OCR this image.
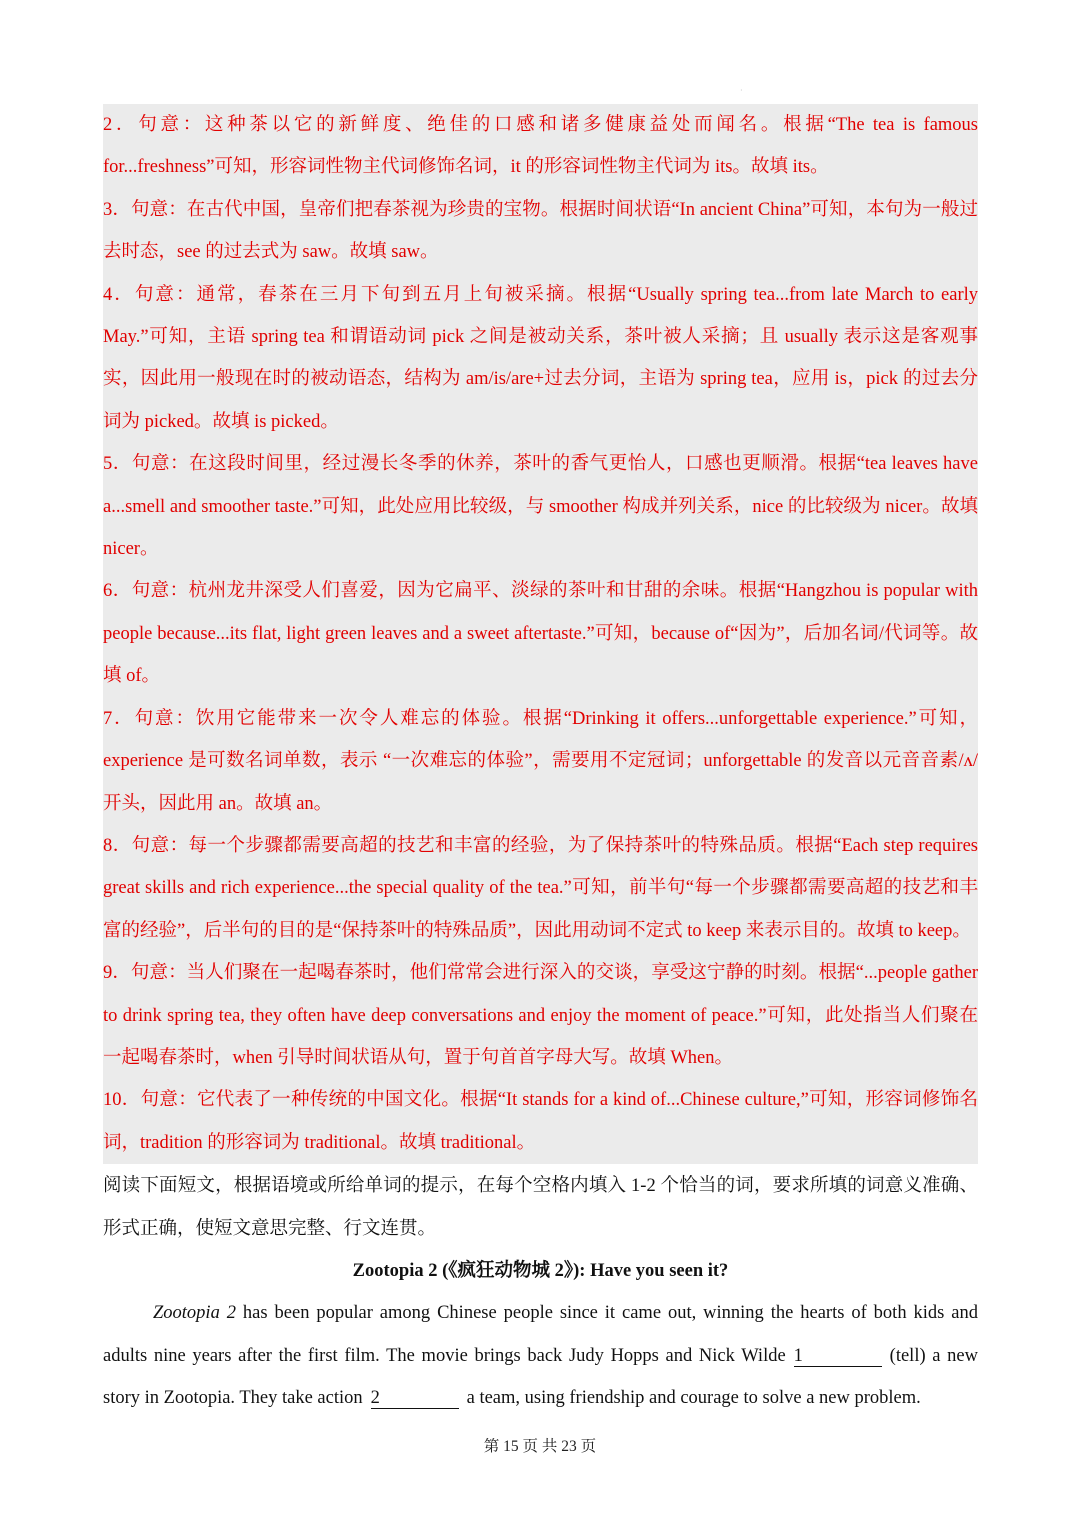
·

2．句意：这种茶以它的新鲜度、绝佳的口感和诸多健康益处而闻名。根据“The tea is famous for...freshness”可知，形容词性物主代词修饰名词，it 的形容词性物主代词为 its。故填 its。

3．句意：在古代中国，皇帝们把春茶视为珍贵的宝物。根据时间状语“In ancient China”可知，本句为一般过去时态，see 的过去式为 saw。故填 saw。

4．句意：通常，春茶在三月下旬到五月上旬被采摘。根据“Usually spring tea...from late March to early May.”可知，主语 spring tea 和谓语动词 pick 之间是被动关系，茶叶被人采摘；且 usually 表示这是客观事实，因此用一般现在时的被动语态，结构为 am/is/are+过去分词，主语为 spring tea，应用 is，pick 的过去分词为 picked。故填 is picked。

5．句意：在这段时间里，经过漫长冬季的休养，茶叶的香气更怡人，口感也更顺滑。根据“tea leaves have a...smell and smoother taste.”可知，此处应用比较级，与 smoother 构成并列关系，nice 的比较级为 nicer。故填 nicer。

6．句意：杭州龙井深受人们喜爱，因为它扁平、淡绿的茶叶和甘甜的余味。根据“Hangzhou is popular with people because...its flat, light green leaves and a sweet aftertaste.”可知，because of“因为”，后加名词/代词等。故填 of。

7．句意：饮用它能带来一次令人难忘的体验。根据“Drinking it offers...unforgettable experience.”可知，experience 是可数名词单数，表示 “一次难忘的体验”，需要用不定冠词；unforgettable 的发音以元音音素/ʌ/开头，因此用 an。故填 an。

8．句意：每一个步骤都需要高超的技艺和丰富的经验，为了保持茶叶的特殊品质。根据“Each step requires great skills and rich experience...the special quality of the tea.”可知，前半句“每一个步骤都需要高超的技艺和丰富的经验”，后半句的目的是“保持茶叶的特殊品质”，因此用动词不定式 to keep 来表示目的。故填 to keep。

9．句意：当人们聚在一起喝春茶时，他们常常会进行深入的交谈，享受这宁静的时刻。根据“...people gather to drink spring tea, they often have deep conversations and enjoy the moment of peace.”可知，此处指当人们聚在一起喝春茶时，when 引导时间状语从句，置于句首首字母大写。故填 When。

10．句意：它代表了一种传统的中国文化。根据“It stands for a kind of...Chinese culture,”可知，形容词修饰名词，tradition 的形容词为 traditional。故填 traditional。

阅读下面短文，根据语境或所给单词的提示，在每个空格内填入 1-2 个恰当的词，要求所填的词意义准确、形式正确，使短文意思完整、行文连贯。
Zootopia 2 (《疯狂动物城 2》): Have you seen it?
Zootopia 2 has been popular among Chinese people since it came out, winning the hearts of both kids and adults nine years after the first film. The movie brings back Judy Hopps and Nick Wilde 1	(tell) a new story in Zootopia. They take action 2	a team, using friendship and courage to solve a new problem.
第 15 页 共 23 页
